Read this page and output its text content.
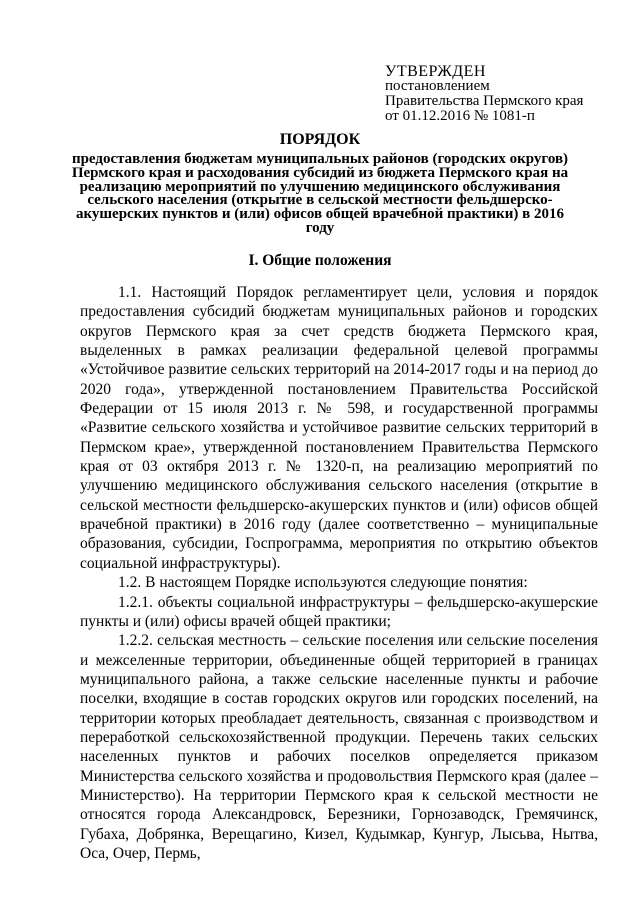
УТВЕРЖДЕН
постановлением
Правительства Пермского края
от 01.12.2016 № 1081-п
ПОРЯДОК
предоставления бюджетам муниципальных районов (городских округов) Пермского края и расходования субсидий из бюджета Пермского края на реализацию мероприятий по улучшению медицинского обслуживания сельского населения (открытие в сельской местности фельдшерско-акушерских пунктов и (или) офисов общей врачебной практики) в 2016 году
I. Общие положения

1.1. Настоящий Порядок регламентирует цели, условия и порядок предоставления субсидий бюджетам муниципальных районов и городских округов Пермского края за счет средств бюджета Пермского края, выделенных в рамках реализации федеральной целевой программы «Устойчивое развитие сельских территорий на 2014-2017 годы и на период до 2020 года», утвержденной постановлением Правительства Российской Федерации от 15 июля 2013 г. № 598, и государственной программы «Развитие сельского хозяйства и устойчивое развитие сельских территорий в Пермском крае», утвержденной постановлением Правительства Пермского края от 03 октября 2013 г. № 1320-п, на реализацию мероприятий по улучшению медицинского обслуживания сельского населения (открытие в сельской местности фельдшерско-акушерских пунктов и (или) офисов общей врачебной практики) в 2016 году (далее соответственно – муниципальные образования, субсидии, Госпрограмма, мероприятия по открытию объектов социальной инфраструктуры).

1.2. В настоящем Порядке используются следующие понятия:

1.2.1. объекты социальной инфраструктуры – фельдшерско-акушерские пункты и (или) офисы врачей общей практики;

1.2.2. сельская местность – сельские поселения или сельские поселения и межселенные территории, объединенные общей территорией в границах муниципального района, а также сельские населенные пункты и рабочие поселки, входящие в состав городских округов или городских поселений, на территории которых преобладает деятельность, связанная с производством и переработкой сельскохозяйственной продукции. Перечень таких сельских населенных пунктов и рабочих поселков определяется приказом Министерства сельского хозяйства и продовольствия Пермского края (далее – Министерство). На территории Пермского края к сельской местности не относятся города Александровск, Березники, Горнозаводск, Гремячинск, Губаха, Добрянка, Верещагино, Кизел, Кудымкар, Кунгур, Лысьва, Нытва, Оса, Очер, Пермь,
